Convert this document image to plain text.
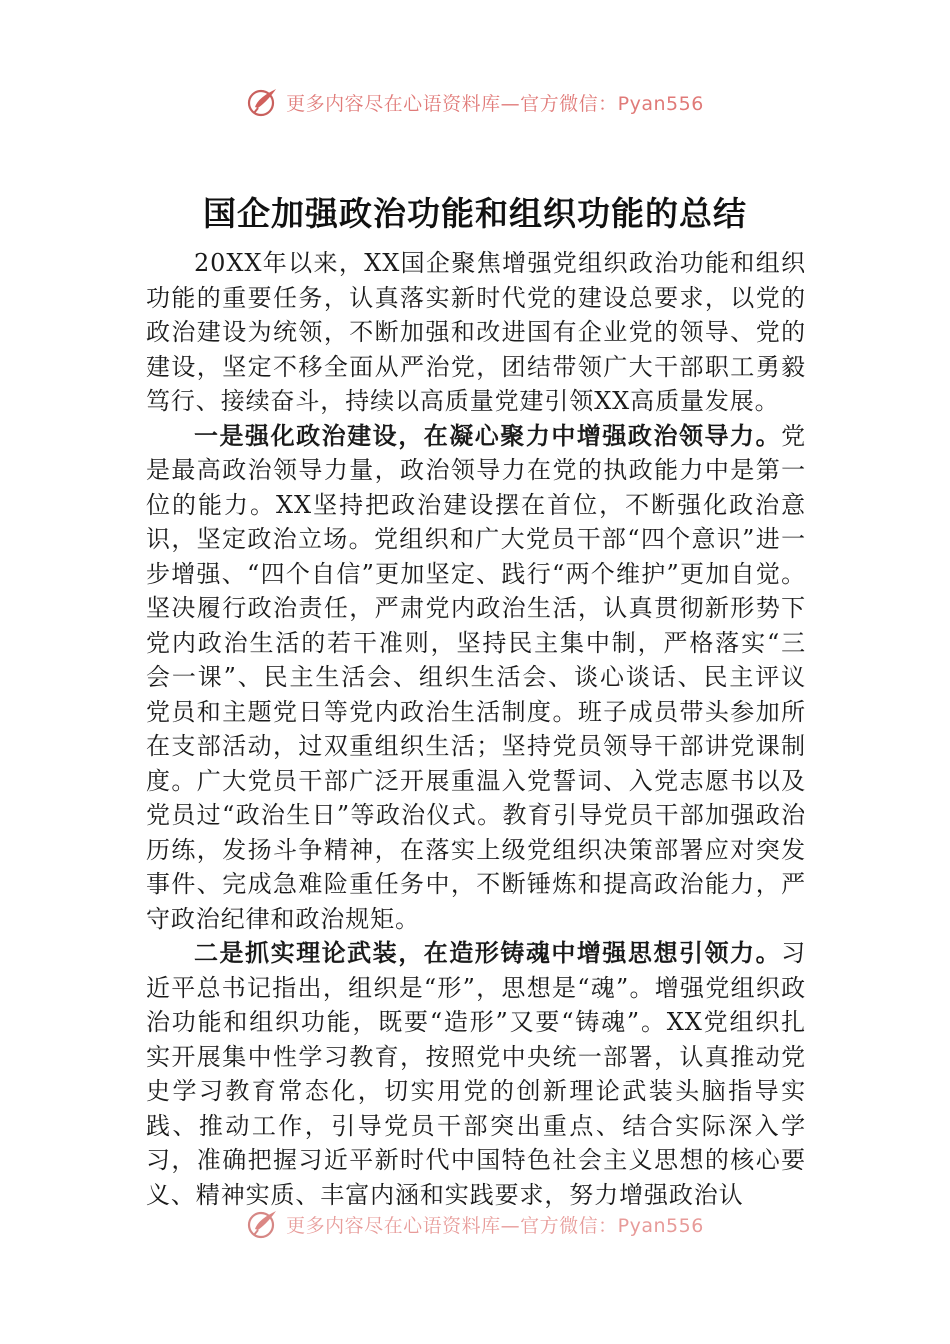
更多内容尽在心语资料库—官方微信：Pyan556
国企加强政治功能和组织功能的总结

20XX年以来，XX国企聚焦增强党组织政治功能和组织功能的重要任务，认真落实新时代党的建设总要求，以党的政治建设为统领，不断加强和改进国有企业党的领导、党的建设，坚定不移全面从严治党，团结带领广大干部职工勇毅笃行、接续奋斗，持续以高质量党建引领XX高质量发展。

一是强化政治建设，在凝心聚力中增强政治领导力。党是最高政治领导力量，政治领导力在党的执政能力中是第一位的能力。XX坚持把政治建设摆在首位，不断强化政治意识，坚定政治立场。党组织和广大党员干部“四个意识”进一步增强、“四个自信”更加坚定、践行“两个维护”更加自觉。坚决履行政治责任，严肃党内政治生活，认真贯彻新形势下党内政治生活的若干准则，坚持民主集中制，严格落实“三会一课”、民主生活会、组织生活会、谈心谈话、民主评议党员和主题党日等党内政治生活制度。班子成员带头参加所在支部活动，过双重组织生活；坚持党员领导干部讲党课制度。广大党员干部广泛开展重温入党誓词、入党志愿书以及党员过“政治生日”等政治仪式。教育引导党员干部加强政治历练，发扬斗争精神，在落实上级党组织决策部署应对突发事件、完成急难险重任务中，不断锤炼和提高政治能力，严守政治纪律和政治规矩。

二是抓实理论武装，在造形铸魂中增强思想引领力。习近平总书记指出，组织是“形”，思想是“魂”。增强党组织政治功能和组织功能，既要“造形”又要“铸魂”。XX党组织扎实开展集中性学习教育，按照党中央统一部署，认真推动党史学习教育常态化，切实用党的创新理论武装头脑指导实践、推动工作，引导党员干部突出重点、结合实际深入学习，准确把握习近平新时代中国特色社会主义思想的核心要义、精神实质、丰富内涵和实践要求，努力增强政治认

更多内容尽在心语资料库—官方微信：Pyan556
